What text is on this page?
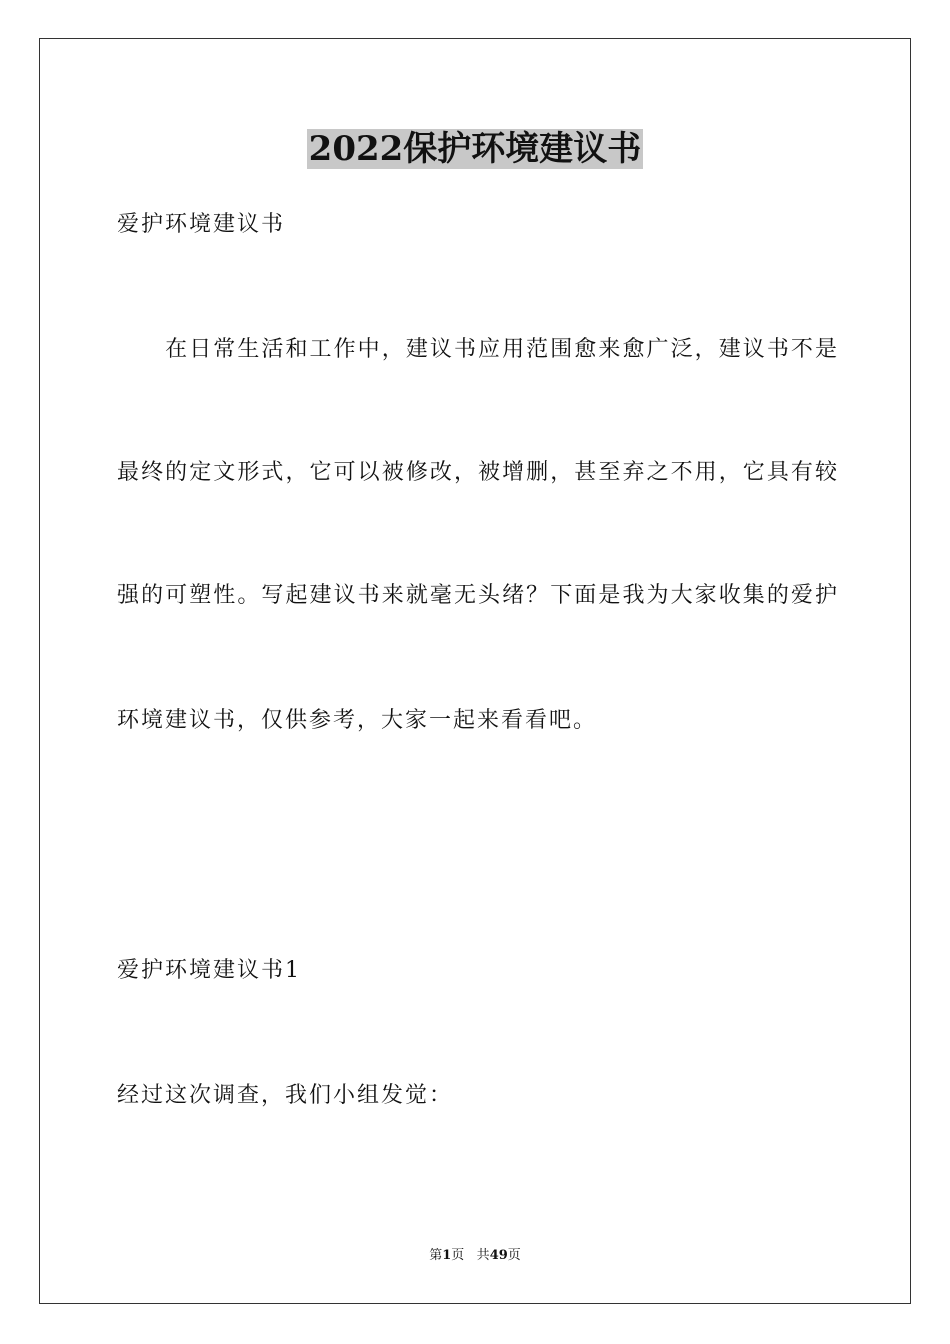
2022保护环境建议书
爱护环境建议书
　　在日常生活和工作中，建议书应用范围愈来愈广泛，建议书不是
最终的定文形式，它可以被修改，被增删，甚至弃之不用，它具有较
强的可塑性。写起建议书来就毫无头绪？下面是我为大家收集的爱护
环境建议书，仅供参考，大家一起来看看吧。
爱护环境建议书1
经过这次调查，我们小组发觉：
第1页 共49页
